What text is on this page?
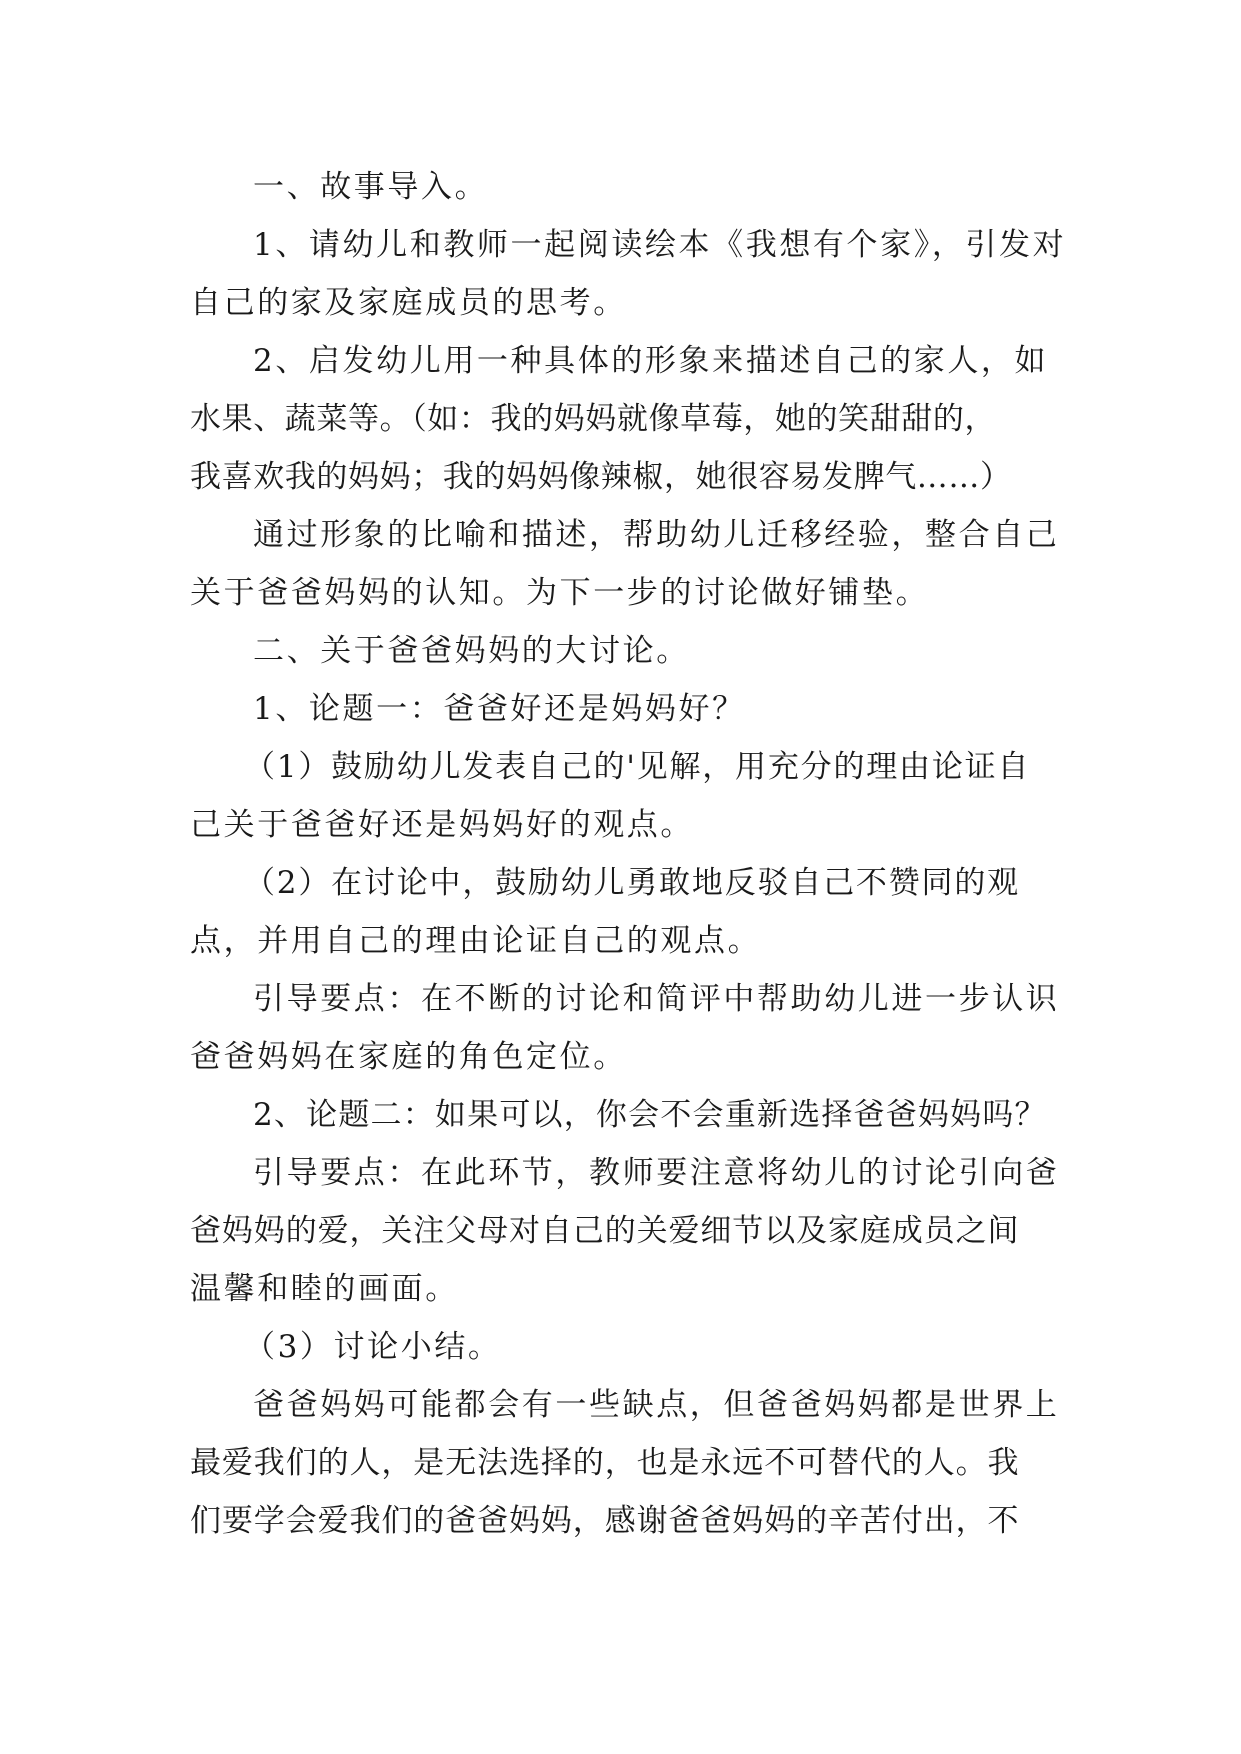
一、故事导入。
1、请幼儿和教师一起阅读绘本《我想有个家》，引发对
自己的家及家庭成员的思考。
2、启发幼儿用一种具体的形象来描述自己的家人，如
水果、蔬菜等。（如：我的妈妈就像草莓，她的笑甜甜的，
我喜欢我的妈妈；我的妈妈像辣椒，她很容易发脾气……）
通过形象的比喻和描述，帮助幼儿迁移经验，整合自己
关于爸爸妈妈的认知。为下一步的讨论做好铺垫。
二、关于爸爸妈妈的大讨论。
1、论题一：爸爸好还是妈妈好？
（1）鼓励幼儿发表自己的'见解，用充分的理由论证自
己关于爸爸好还是妈妈好的观点。
（2）在讨论中，鼓励幼儿勇敢地反驳自己不赞同的观
点，并用自己的理由论证自己的观点。
引导要点：在不断的讨论和简评中帮助幼儿进一步认识
爸爸妈妈在家庭的角色定位。
2、论题二：如果可以，你会不会重新选择爸爸妈妈吗？
引导要点：在此环节，教师要注意将幼儿的讨论引向爸
爸妈妈的爱，关注父母对自己的关爱细节以及家庭成员之间
温馨和睦的画面。
（3）讨论小结。
爸爸妈妈可能都会有一些缺点，但爸爸妈妈都是世界上
最爱我们的人，是无法选择的，也是永远不可替代的人。我
们要学会爱我们的爸爸妈妈，感谢爸爸妈妈的辛苦付出，不
